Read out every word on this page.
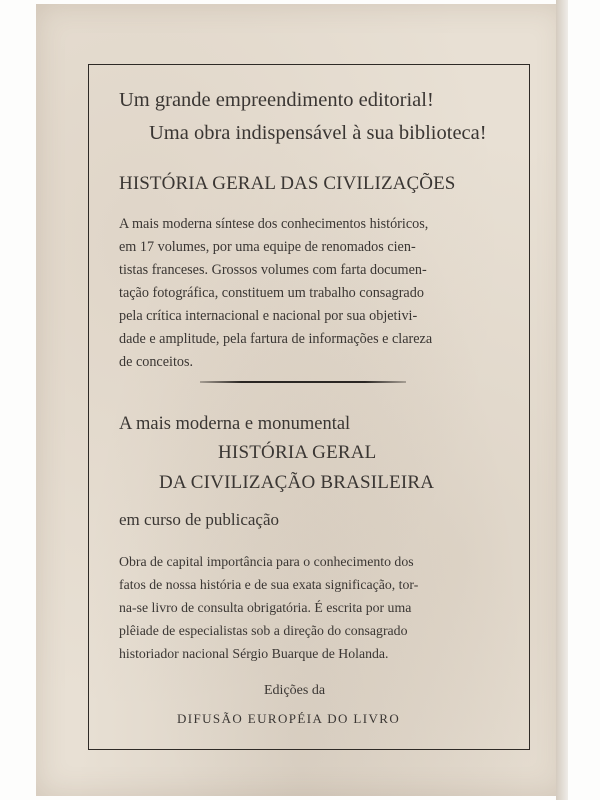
Um grande empreendimento editorial!
Uma obra indispensável à sua biblioteca!
HISTÓRIA GERAL DAS CIVILIZAÇÕES
A mais moderna síntese dos conhecimentos históricos,
em 17 volumes, por uma equipe de renomados cien-
tistas franceses. Grossos volumes com farta documen-
tação fotográfica, constituem um trabalho consagrado
pela crítica internacional e nacional por sua objetivi-
dade e amplitude, pela fartura de informações e clareza
de conceitos.
A mais moderna e monumental
HISTÓRIA GERAL
DA CIVILIZAÇÃO BRASILEIRA
em curso de publicação
Obra de capital importância para o conhecimento dos
fatos de nossa história e de sua exata significação, tor-
na-se livro de consulta obrigatória. É escrita por uma
plêiade de especialistas sob a direção do consagrado
historiador nacional Sérgio Buarque de Holanda.
Edições da
DIFUSÃO EUROPÉIA DO LIVRO
